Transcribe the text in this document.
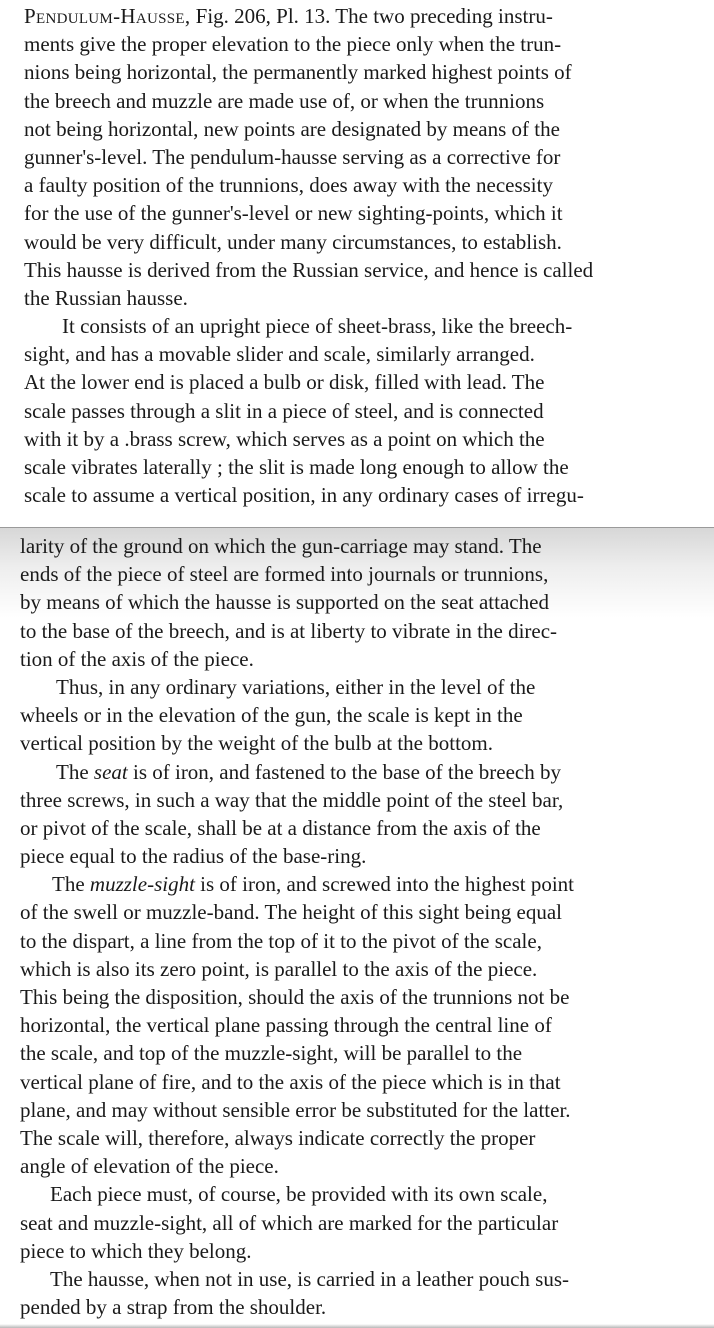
Pendulum-Hausse, Fig. 206, Pl. 13. The two preceding instru-
ments give the proper elevation to the piece only when the trun-
nions being horizontal, the permanently marked highest points of
the breech and muzzle are made use of, or when the trunnions
not being horizontal, new points are designated by means of the
gunner's-level. The pendulum-hausse serving as a corrective for
a faulty position of the trunnions, does away with the necessity
for the use of the gunner's-level or new sighting-points, which it
would be very difficult, under many circumstances, to establish.
This hausse is derived from the Russian service, and hence is called
the Russian hausse.
It consists of an upright piece of sheet-brass, like the breech-
sight, and has a movable slider and scale, similarly arranged.
At the lower end is placed a bulb or disk, filled with lead. The
scale passes through a slit in a piece of steel, and is connected
with it by a .brass screw, which serves as a point on which the
scale vibrates laterally ; the slit is made long enough to allow the
scale to assume a vertical position, in any ordinary cases of irregu-
larity of the ground on which the gun-carriage may stand. The
ends of the piece of steel are formed into journals or trunnions,
by means of which the hausse is supported on the seat attached
to the base of the breech, and is at liberty to vibrate in the direc-
tion of the axis of the piece.
Thus, in any ordinary variations, either in the level of the
wheels or in the elevation of the gun, the scale is kept in the
vertical position by the weight of the bulb at the bottom.
The seat is of iron, and fastened to the base of the breech by
three screws, in such a way that the middle point of the steel bar,
or pivot of the scale, shall be at a distance from the axis of the
piece equal to the radius of the base-ring.
The muzzle-sight is of iron, and screwed into the highest point
of the swell or muzzle-band. The height of this sight being equal
to the dispart, a line from the top of it to the pivot of the scale,
which is also its zero point, is parallel to the axis of the piece.
This being the disposition, should the axis of the trunnions not be
horizontal, the vertical plane passing through the central line of
the scale, and top of the muzzle-sight, will be parallel to the
vertical plane of fire, and to the axis of the piece which is in that
plane, and may without sensible error be substituted for the latter.
The scale will, therefore, always indicate correctly the proper
angle of elevation of the piece.
Each piece must, of course, be provided with its own scale,
seat and muzzle-sight, all of which are marked for the particular
piece to which they belong.
The hausse, when not in use, is carried in a leather pouch sus-
pended by a strap from the shoulder.
